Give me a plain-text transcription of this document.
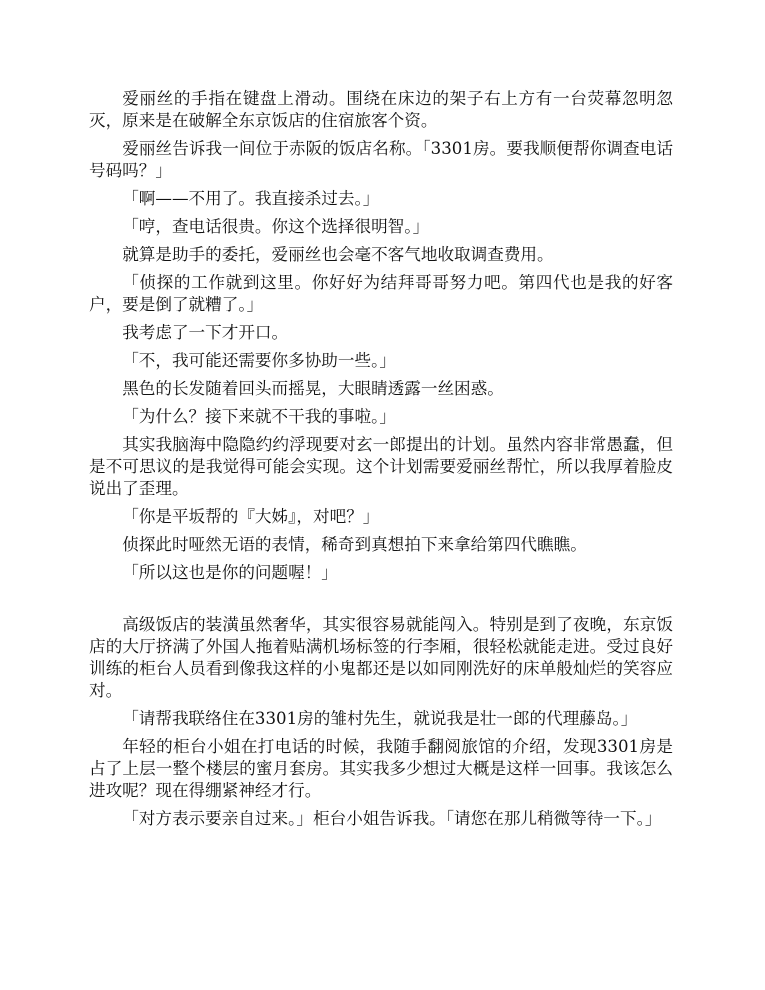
爱丽丝的手指在键盘上滑动。围绕在床边的架子右上方有一台荧幕忽明忽灭，原来是在破解全东京饭店的住宿旅客个资。

爱丽丝告诉我一间位于赤阪的饭店名称。「3301房。要我顺便帮你调查电话号码吗？」

「啊——不用了。我直接杀过去。」

「哼，查电话很贵。你这个选择很明智。」

就算是助手的委托，爱丽丝也会毫不客气地收取调查费用。

「侦探的工作就到这里。你好好为结拜哥哥努力吧。第四代也是我的好客户，要是倒了就糟了。」

我考虑了一下才开口。

「不，我可能还需要你多协助一些。」

黑色的长发随着回头而摇晃，大眼睛透露一丝困惑。

「为什么？接下来就不干我的事啦。」

其实我脑海中隐隐约约浮现要对玄一郎提出的计划。虽然内容非常愚蠢，但是不可思议的是我觉得可能会实现。这个计划需要爱丽丝帮忙，所以我厚着脸皮说出了歪理。

「你是平坂帮的『大姊』，对吧？」

侦探此时哑然无语的表情，稀奇到真想拍下来拿给第四代瞧瞧。

「所以这也是你的问题喔！」

高级饭店的装潢虽然奢华，其实很容易就能闯入。特别是到了夜晚，东京饭店的大厅挤满了外国人拖着贴满机场标签的行李厢，很轻松就能走进。受过良好训练的柜台人员看到像我这样的小鬼都还是以如同刚洗好的床单般灿烂的笑容应对。

「请帮我联络住在3301房的雏村先生，就说我是壮一郎的代理藤岛。」

年轻的柜台小姐在打电话的时候，我随手翻阅旅馆的介绍，发现3301房是占了上层一整个楼层的蜜月套房。其实我多少想过大概是这样一回事。我该怎么进攻呢？现在得绷紧神经才行。

「对方表示要亲自过来。」柜台小姐告诉我。「请您在那儿稍微等待一下。」
